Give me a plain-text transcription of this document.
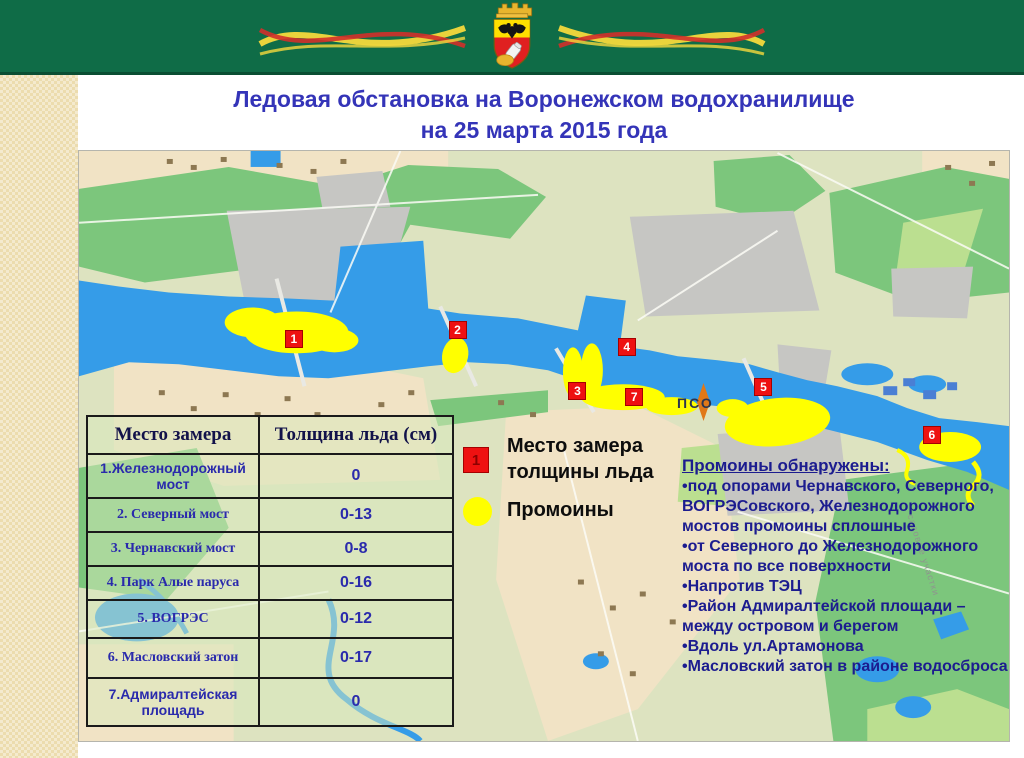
Ледовая обстановка на Воронежском водохранилище
на 25 марта 2015 года
садовые участки
ПСО
1
2
3
4
5
6
7
Место замера	Толщина льда (см)
1.Железнодорожный мост	0
2. Северный мост	0-13
3. Чернавский мост	0-8
4. Парк Алые паруса	0-16
5. ВОГРЭС	0-12
6. Масловский затон	0-17
7.Адмиралтейская площадь	0
1
Место замера толщины льда
Промоины
Промоины обнаружены:
• под опорами Чернавского, Северного, ВОГРЭСовского, Железнодорожного мостов промоины сплошные
• от Северного до Железнодорожного моста по все поверхности
• Напротив ТЭЦ
• Район Адмиралтейской площади – между островом и берегом
• Вдоль ул.Артамонова
• Масловский затон в районе водосброса
